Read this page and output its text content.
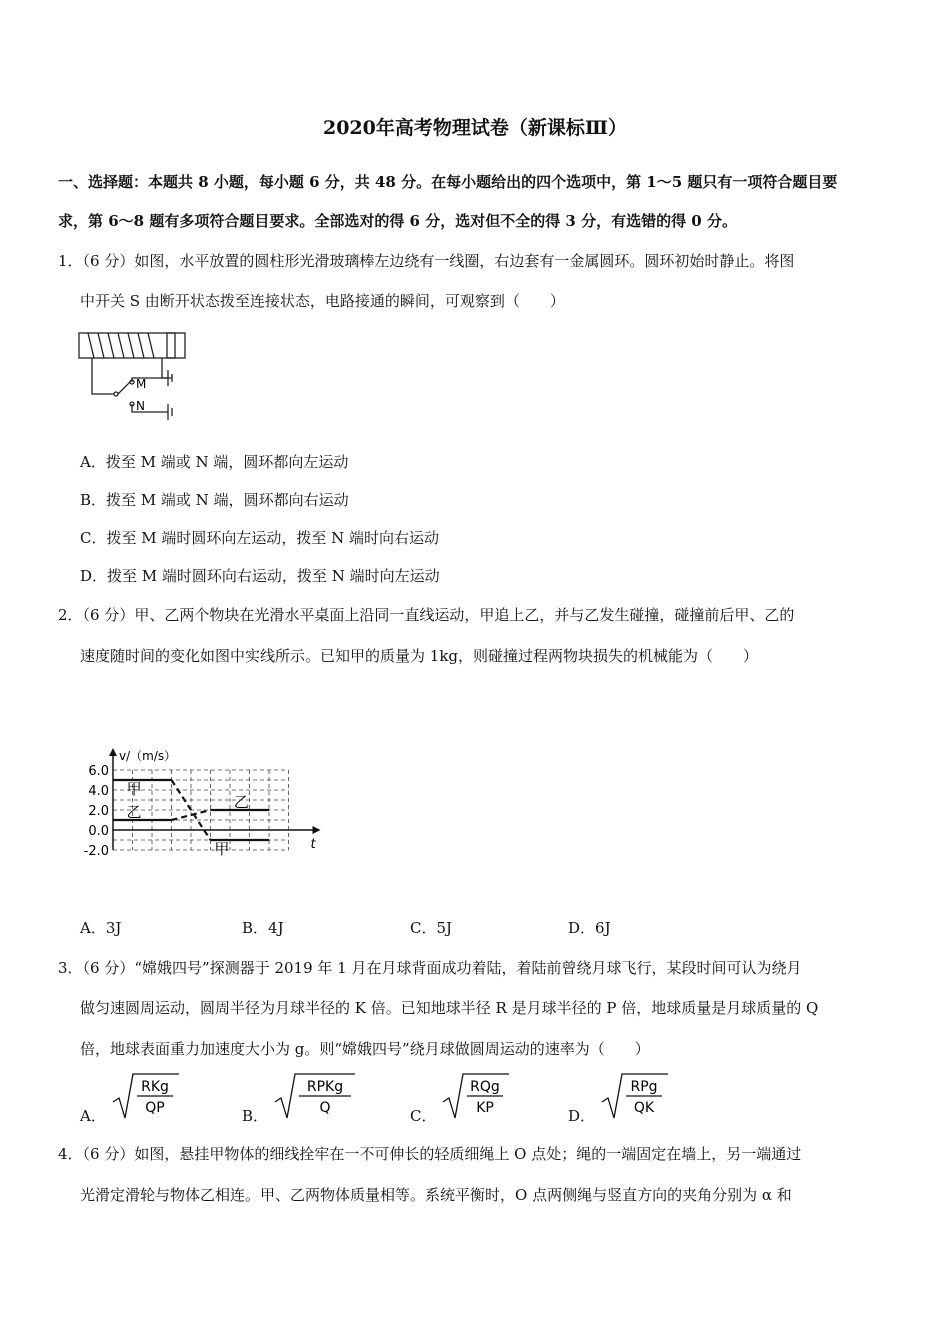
2020年高考物理试卷（新课标Ⅲ）
一、选择题：本题共 8 小题，每小题 6 分，共 48 分。在每小题给出的四个选项中，第 1～5 题只有一项符合题目要
求，第 6～8 题有多项符合题目要求。全部选对的得 6 分，选对但不全的得 3 分，有选错的得 0 分。
1．（6 分）如图，水平放置的圆柱形光滑玻璃棒左边绕有一线圈，右边套有一金属圆环。圆环初始时静止。将图
中开关 S 由断开状态拨至连接状态，电路接通的瞬间，可观察到（　　）
M
N
A．拨至 M 端或 N 端，圆环都向左运动
B．拨至 M 端或 N 端，圆环都向右运动
C．拨至 M 端时圆环向左运动，拨至 N 端时向右运动
D．拨至 M 端时圆环向右运动，拨至 N 端时向左运动
2．（6 分）甲、乙两个物块在光滑水平桌面上沿同一直线运动，甲追上乙，并与乙发生碰撞，碰撞前后甲、乙的
速度随时间的变化如图中实线所示。已知甲的质量为 1kg，则碰撞过程两物块损失的机械能为（　　）
6.0
4.0
2.0
0.0
-2.0
v/（m/s）
t
甲
乙
甲
乙
A．3J	B．4J	C．5J	D．6J
3．（6 分）“嫦娥四号”探测器于 2019 年 1 月在月球背面成功着陆，着陆前曾绕月球飞行，某段时间可认为绕月
做匀速圆周运动，圆周半径为月球半径的 K 倍。已知地球半径 R 是月球半径的 P 倍，地球质量是月球质量的 Q
倍，地球表面重力加速度大小为 g。则“嫦娥四号”绕月球做圆周运动的速率为（　　）
A．
RKg
QP	B．
RPKg
Q	C．
RQg
KP	D．
RPg
QK
4．（6 分）如图，悬挂甲物体的细线拴牢在一不可伸长的轻质细绳上 O 点处；绳的一端固定在墙上，另一端通过
光滑定滑轮与物体乙相连。甲、乙两物体质量相等。系统平衡时，O 点两侧绳与竖直方向的夹角分别为 α 和
